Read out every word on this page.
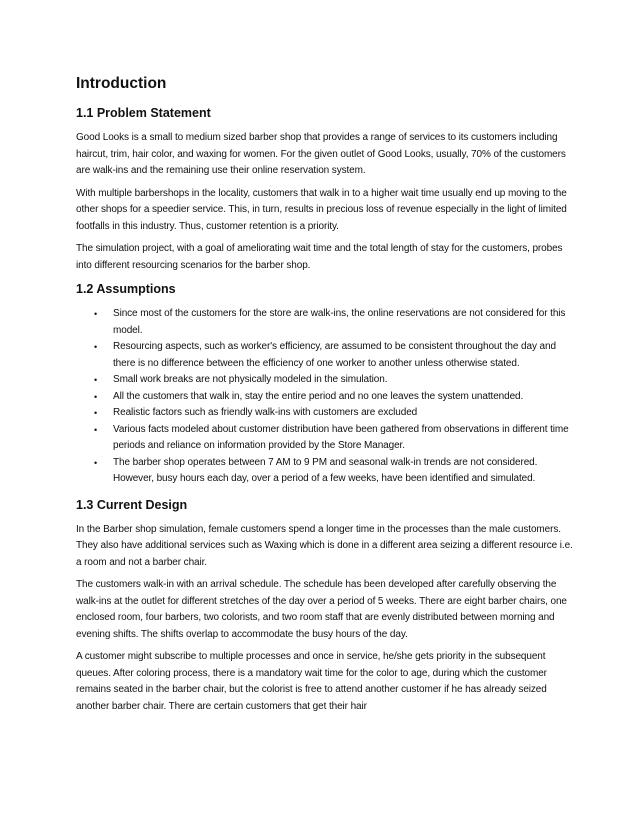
Introduction
1.1 Problem Statement

Good Looks is a small to medium sized barber shop that provides a range of services to its customers including haircut, trim, hair color, and waxing for women. For the given outlet of Good Looks, usually, 70% of the customers are walk-ins and the remaining use their online reservation system.

With multiple barbershops in the locality, customers that walk in to a higher wait time usually end up moving to the other shops for a speedier service. This, in turn, results in precious loss of revenue especially in the light of limited footfalls in this industry. Thus, customer retention is a priority.

The simulation project, with a goal of ameliorating wait time and the total length of stay for the customers, probes into different resourcing scenarios for the barber shop.

1.2 Assumptions
• Since most of the customers for the store are walk-ins, the online reservations are not considered for this model.
• Resourcing aspects, such as worker's efficiency, are assumed to be consistent throughout the day and there is no difference between the efficiency of one worker to another unless otherwise stated.
• Small work breaks are not physically modeled in the simulation.
• All the customers that walk in, stay the entire period and no one leaves the system unattended.
• Realistic factors such as friendly walk-ins with customers are excluded
• Various facts modeled about customer distribution have been gathered from observations in different time periods and reliance on information provided by the Store Manager.
• The barber shop operates between 7 AM to 9 PM and seasonal walk-in trends are not considered. However, busy hours each day, over a period of a few weeks, have been identified and simulated.
1.3 Current Design

In the Barber shop simulation, female customers spend a longer time in the processes than the male customers. They also have additional services such as Waxing which is done in a different area seizing a different resource i.e. a room and not a barber chair.

The customers walk-in with an arrival schedule. The schedule has been developed after carefully observing the walk-ins at the outlet for different stretches of the day over a period of 5 weeks. There are eight barber chairs, one enclosed room, four barbers, two colorists, and two room staff that are evenly distributed between morning and evening shifts. The shifts overlap to accommodate the busy hours of the day.

A customer might subscribe to multiple processes and once in service, he/she gets priority in the subsequent queues. After coloring process, there is a mandatory wait time for the color to age, during which the customer remains seated in the barber chair, but the colorist is free to attend another customer if he has already seized another barber chair. There are certain customers that get their hair
